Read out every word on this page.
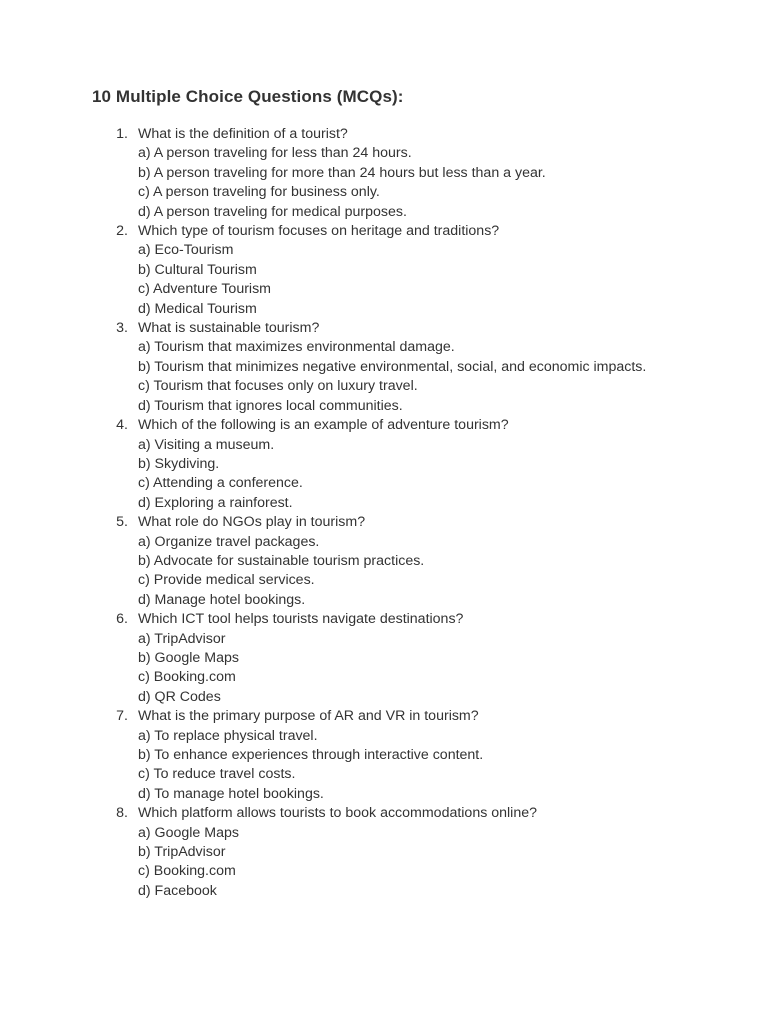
10 Multiple Choice Questions (MCQs):
1. What is the definition of a tourist?
a) A person traveling for less than 24 hours.
b) A person traveling for more than 24 hours but less than a year.
c) A person traveling for business only.
d) A person traveling for medical purposes.
2. Which type of tourism focuses on heritage and traditions?
a) Eco-Tourism
b) Cultural Tourism
c) Adventure Tourism
d) Medical Tourism
3. What is sustainable tourism?
a) Tourism that maximizes environmental damage.
b) Tourism that minimizes negative environmental, social, and economic impacts.
c) Tourism that focuses only on luxury travel.
d) Tourism that ignores local communities.
4. Which of the following is an example of adventure tourism?
a) Visiting a museum.
b) Skydiving.
c) Attending a conference.
d) Exploring a rainforest.
5. What role do NGOs play in tourism?
a) Organize travel packages.
b) Advocate for sustainable tourism practices.
c) Provide medical services.
d) Manage hotel bookings.
6. Which ICT tool helps tourists navigate destinations?
a) TripAdvisor
b) Google Maps
c) Booking.com
d) QR Codes
7. What is the primary purpose of AR and VR in tourism?
a) To replace physical travel.
b) To enhance experiences through interactive content.
c) To reduce travel costs.
d) To manage hotel bookings.
8. Which platform allows tourists to book accommodations online?
a) Google Maps
b) TripAdvisor
c) Booking.com
d) Facebook
